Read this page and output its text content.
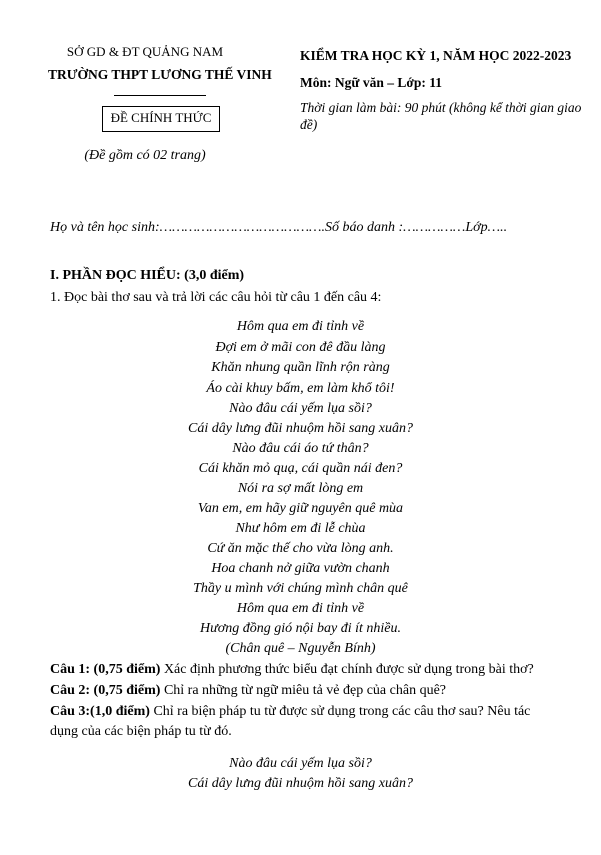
SỞ GD & ĐT QUẢNG NAM
TRƯỜNG THPT LƯƠNG THẾ VINH
ĐỀ CHÍNH THỨC
(Đề gồm có 02 trang)
KIỂM TRA HỌC KỲ 1, NĂM HỌC 2022-2023
Môn: Ngữ văn – Lớp: 11
Thời gian làm bài: 90 phút (không kể thời gian giao
đề)
Họ và tên học sinh:………………………………….Số báo danh :……………Lớp…..
I. PHẦN ĐỌC HIỂU: (3,0 điểm)
1. Đọc bài thơ sau và trả lời các câu hỏi từ câu 1 đến câu 4:
Hôm qua em đi tỉnh về
Đợi em ở mãi con đê đầu làng
Khăn nhung quần lĩnh rộn ràng
Áo cài khuy bấm, em làm khổ tôi!
Nào đâu cái yếm lụa sồi?
Cái dây lưng đũi nhuộm hồi sang xuân?
Nào đâu cái áo tứ thân?
Cái khăn mỏ quạ, cái quần nái đen?
Nói ra sợ mất lòng em
Van em, em hãy giữ nguyên quê mùa
Như hôm em đi lễ chùa
Cứ ăn mặc thế cho vừa lòng anh.
Hoa chanh nở giữa vườn chanh
Thầy u mình với chúng mình chân quê
Hôm qua em đi tỉnh về
Hương đồng gió nội bay đi ít nhiều.
(Chân quê – Nguyễn Bính)
Câu 1: (0,75 điểm) Xác định phương thức biểu đạt chính được sử dụng trong bài thơ?
Câu 2: (0,75 điểm) Chỉ ra những từ ngữ miêu tả vẻ đẹp của chân quê?
Câu 3:(1,0 điểm) Chỉ ra biện pháp tu từ được sử dụng trong các câu thơ sau? Nêu tác
dụng của các biện pháp tu từ đó.
Nào đâu cái yếm lụa sồi?
Cái dây lưng đũi nhuộm hồi sang xuân?
